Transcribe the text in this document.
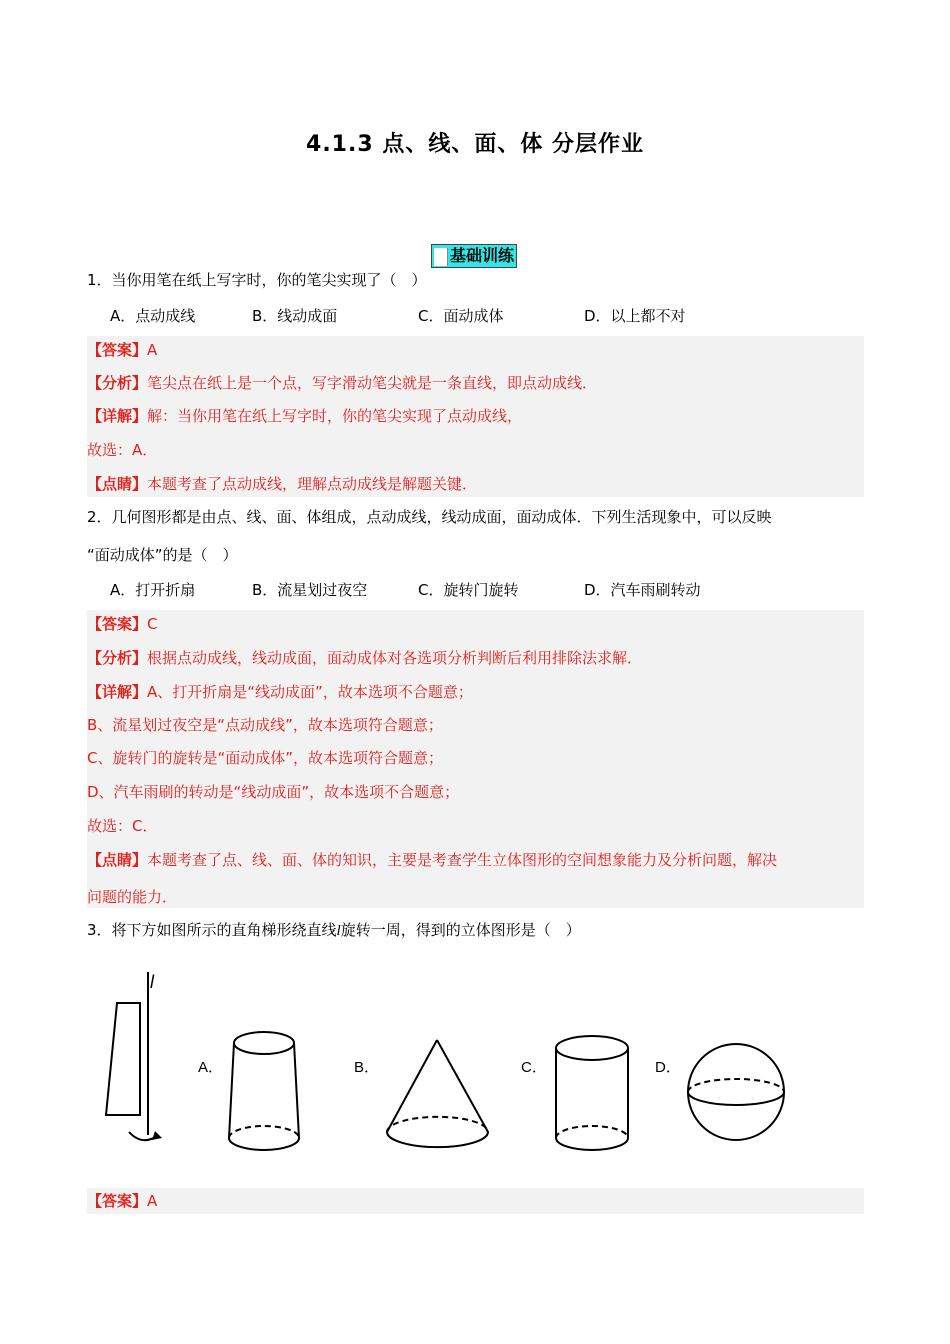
4.1.3 点、线、面、体 分层作业
基础训练
1．当你用笔在纸上写字时，你的笔尖实现了（　）
A．点动成线	B．线动成面	C．面动成体	D．以上都不对
【答案】A
【分析】笔尖点在纸上是一个点，写字滑动笔尖就是一条直线，即点动成线．
【详解】解：当你用笔在纸上写字时，你的笔尖实现了点动成线，
故选：A．
【点睛】本题考查了点动成线，理解点动成线是解题关键．
2．几何图形都是由点、线、面、体组成，点动成线，线动成面，面动成体．下列生活现象中，可以反映
“面动成体”的是（　）
A．打开折扇	B．流星划过夜空	C．旋转门旋转	D．汽车雨刷转动
【答案】C
【分析】根据点动成线，线动成面，面动成体对各选项分析判断后利用排除法求解．
【详解】A、打开折扇是“线动成面”，故本选项不合题意；
B、流星划过夜空是“点动成线”，故本选项符合题意；
C、旋转门的旋转是“面动成体”，故本选项符合题意；
D、汽车雨刷的转动是“线动成面”，故本选项不合题意；
故选：C．
【点睛】本题考查了点、线、面、体的知识，主要是考查学生立体图形的空间想象能力及分析问题，解决
问题的能力．
3．将下方如图所示的直角梯形绕直线l旋转一周，得到的立体图形是（　）
l
A．	B．	C．	D．
【答案】A
